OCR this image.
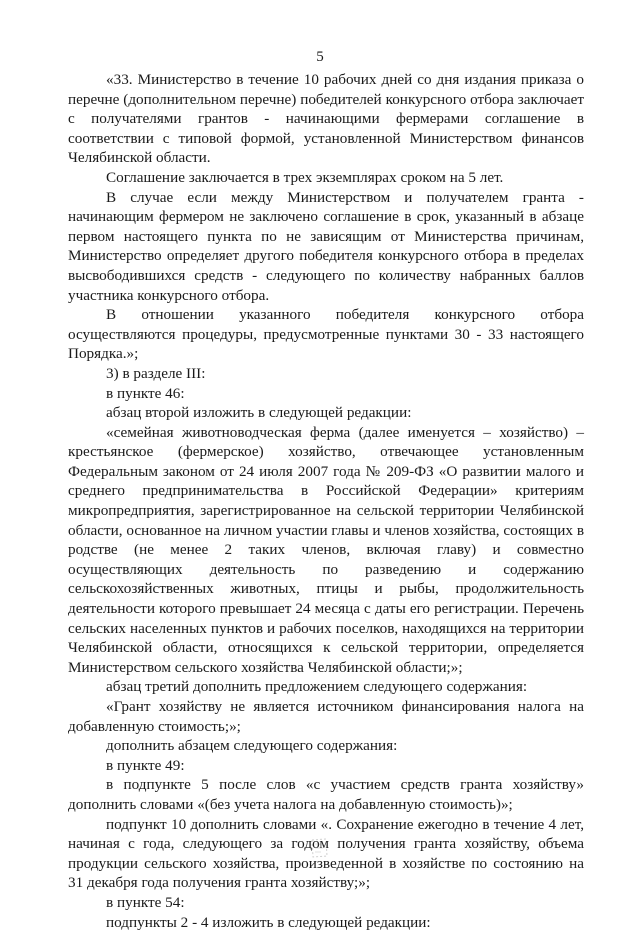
5

«33. Министерство в течение 10 рабочих дней со дня издания приказа о перечне (дополнительном перечне) победителей конкурсного отбора заключает с получателями грантов - начинающими фермерами соглашение в соответствии с типовой формой, установленной Министерством финансов Челябинской области.

Соглашение заключается в трех экземплярах сроком на 5 лет.

В случае если между Министерством и получателем гранта - начинающим фермером не заключено соглашение в срок, указанный в абзаце первом настоящего пункта по не зависящим от Министерства причинам, Министерство определяет другого победителя конкурсного отбора в пределах высвободившихся средств - следующего по количеству набранных баллов участника конкурсного отбора.

В отношении указанного победителя конкурсного отбора осуществляются процедуры, предусмотренные пунктами 30 - 33 настоящего Порядка.»;

3) в разделе III:

в пункте 46:

абзац второй изложить в следующей редакции:

«семейная животноводческая ферма (далее именуется – хозяйство) – крестьянское (фермерское) хозяйство, отвечающее установленным Федеральным законом от 24 июля 2007 года № 209-ФЗ «О развитии малого и среднего предпринимательства в Российской Федерации» критериям микропредприятия, зарегистрированное на сельской территории Челябинской области, основанное на личном участии главы и членов хозяйства, состоящих в родстве (не менее 2 таких членов, включая главу) и совместно осуществляющих деятельность по разведению и содержанию сельскохозяйственных животных, птицы и рыбы, продолжительность деятельности которого превышает 24 месяца с даты его регистрации. Перечень сельских населенных пунктов и рабочих поселков, находящихся на территории Челябинской области, относящихся к сельской территории, определяется Министерством сельского хозяйства Челябинской области;»;

абзац третий дополнить предложением следующего содержания:

«Грант хозяйству не является источником финансирования налога на добавленную стоимость;»;

дополнить абзацем следующего содержания:

в пункте 49:

в подпункте 5 после слов «с участием средств гранта хозяйству» дополнить словами «(без учета налога на добавленную стоимость)»;

подпункт 10 дополнить словами «. Сохранение ежегодно в течение 4 лет, начиная с года, следующего за годом получения гранта хозяйству, объема продукции сельского хозяйства, произведенной в хозяйстве по состоянию на 31 декабря года получения гранта хозяйству;»;

в пункте 54:

подпункты 2 - 4 изложить в следующей редакции:
